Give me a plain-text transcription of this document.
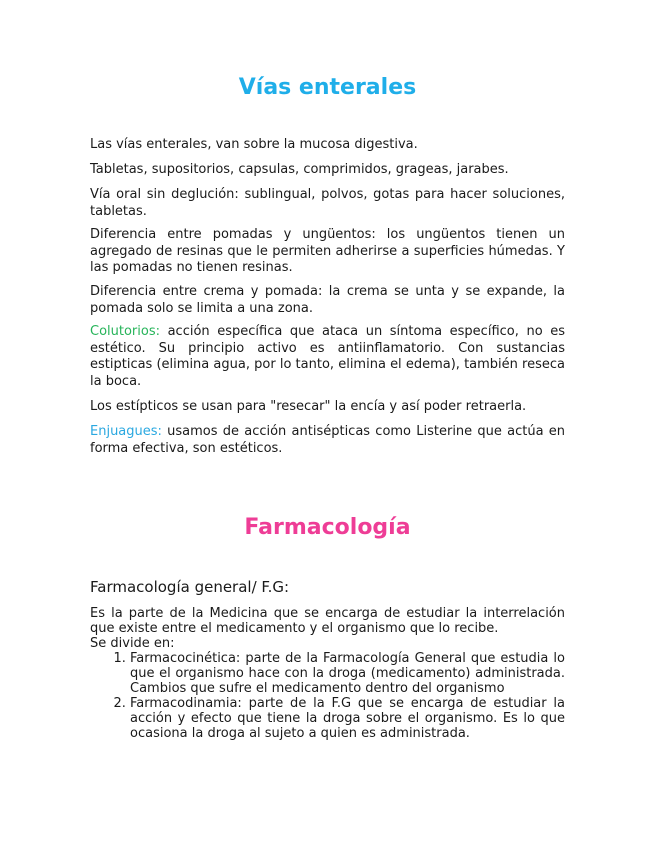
Vías enterales

Las vías enterales, van sobre la mucosa digestiva.

Tabletas, supositorios, capsulas, comprimidos, grageas, jarabes.

Vía oral sin deglución: sublingual, polvos, gotas para hacer soluciones, tabletas.

Diferencia entre pomadas y ungüentos: los ungüentos tienen un agregado de resinas que le permiten adherirse a superficies húmedas. Y las pomadas no tienen resinas.

Diferencia entre crema y pomada: la crema se unta y se expande, la pomada solo se limita a una zona.

Colutorios: acción específica que ataca un síntoma específico, no es estético. Su principio activo es antiinflamatorio. Con sustancias estipticas (elimina agua, por lo tanto, elimina el edema), también reseca la boca.

Los estípticos se usan para "resecar" la encía y así poder retraerla.

Enjuagues: usamos de acción antisépticas como Listerine que actúa en forma efectiva, son estéticos.

Farmacología
Farmacología general/ F.G:

Es la parte de la Medicina que se encarga de estudiar la interrelación que existe entre el medicamento y el organismo que lo recibe.

Se divide en:

1. Farmacocinética: parte de la Farmacología General que estudia lo que el organismo hace con la droga (medicamento) administrada. Cambios que sufre el medicamento dentro del organismo
2. Farmacodinamia: parte de la F.G que se encarga de estudiar la acción y efecto que tiene la droga sobre el organismo. Es lo que ocasiona la droga al sujeto a quien es administrada.
